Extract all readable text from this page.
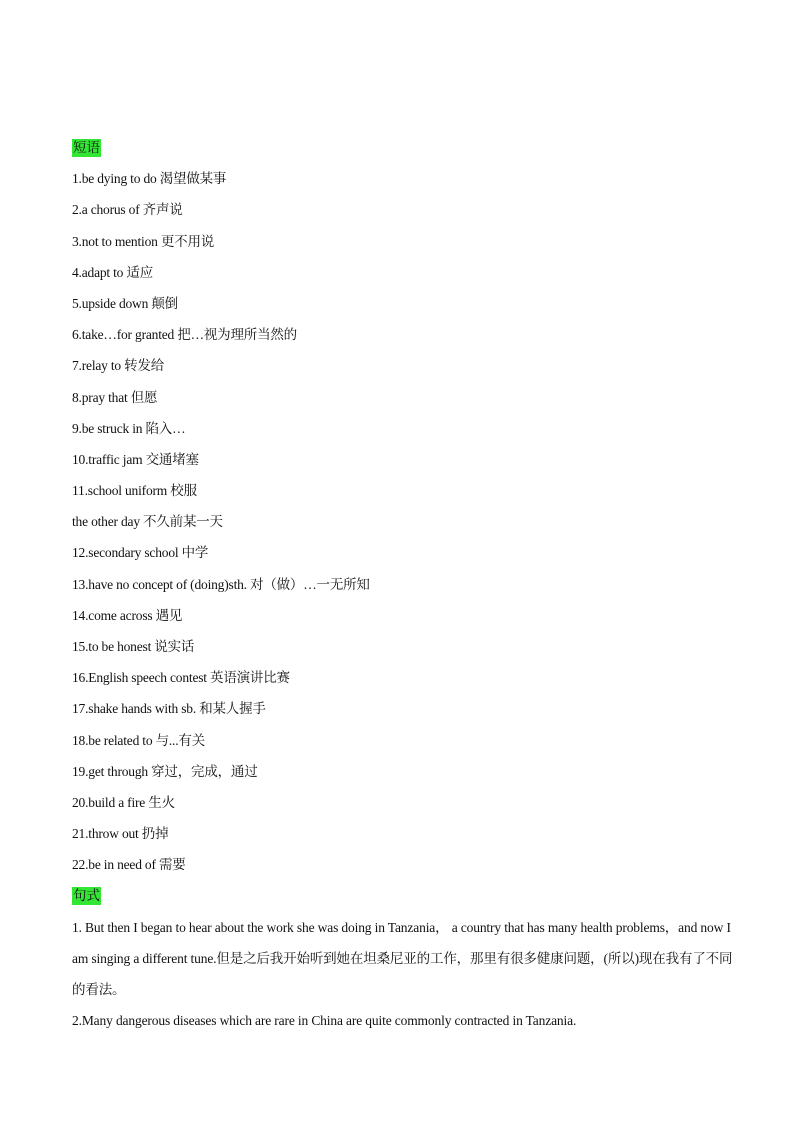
短语
1.be dying to do 渴望做某事
2.a chorus of 齐声说
3.not to mention 更不用说
4.adapt to 适应
5.upside down 颠倒
6.take…for granted 把…视为理所当然的
7.relay to 转发给
8.pray that 但愿
9.be struck in 陷入…
10.traffic jam 交通堵塞
11.school uniform 校服
the other day 不久前某一天
12.secondary school 中学
13.have no concept of (doing)sth. 对（做）…一无所知
14.come across 遇见
15.to be honest 说实话
16.English speech contest 英语演讲比赛
17.shake hands with sb. 和某人握手
18.be related to 与...有关
19.get through 穿过，完成，通过
20.build a fire 生火
21.throw out 扔掉
22.be in need of 需要
句式
1. But then I began to hear about the work she was doing in Tanzania， a country that has many health problems，and now I am singing a different tune.但是之后我开始听到她在坦桑尼亚的工作，那里有很多健康问题，(所以)现在我有了不同的看法。
2.Many dangerous diseases which are rare in China are quite commonly contracted in Tanzania.
